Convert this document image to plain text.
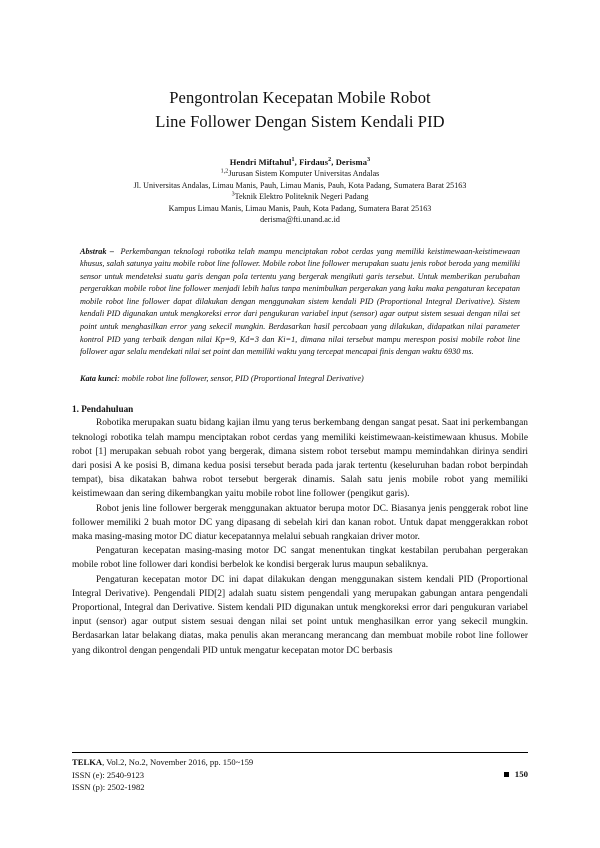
Pengontrolan Kecepatan Mobile Robot
Line Follower Dengan Sistem Kendali PID
Hendri Miftahul$^1$, Firdaus$^2$, Derisma$^3$
$^{1,2}$Jurusan Sistem Komputer Universitas Andalas
Jl. Universitas Andalas, Limau Manis, Pauh, Limau Manis, Pauh, Kota Padang, Sumatera Barat 25163
$^3$Teknik Elektro Politeknik Negeri Padang
Kampus Limau Manis, Limau Manis, Pauh, Kota Padang, Sumatera Barat 25163
derisma@fti.unand.ac.id

Abstrak – Perkembangan teknologi robotika telah mampu menciptakan robot cerdas yang memiliki keistimewaan-keistimewaan khusus, salah satunya yaitu mobile robot line follower. Mobile robot line follower merupakan suatu jenis robot beroda yang memiliki sensor untuk mendeteksi suatu garis dengan pola tertentu yang bergerak mengikuti garis tersebut. Untuk memberikan perubahan pergerakkan mobile robot line follower menjadi lebih halus tanpa menimbulkan pergerakan yang kaku maka pengaturan kecepatan mobile robot line follower dapat dilakukan dengan menggunakan sistem kendali PID (Proportional Integral Derivative). Sistem kendali PID digunakan untuk mengkoreksi error dari pengukuran variabel input (sensor) agar output sistem sesuai dengan nilai set point untuk menghasilkan error yang sekecil mungkin. Berdasarkan hasil percobaan yang dilakukan, didapatkan nilai parameter kontrol PID yang terbaik dengan nilai Kp=9, Kd=3 dan Ki=1, dimana nilai tersebut mampu merespon posisi mobile robot line follower agar selalu mendekati nilai set point dan memiliki waktu yang tercepat mencapai finis dengan waktu 6930 ms.

Kata kunci: mobile robot line follower, sensor, PID (Proportional Integral Derivative)
1. Pendahuluan

Robotika merupakan suatu bidang kajian ilmu yang terus berkembang dengan sangat pesat. Saat ini perkembangan teknologi robotika telah mampu menciptakan robot cerdas yang memiliki keistimewaan-keistimewaan khusus. Mobile robot [1] merupakan sebuah robot yang bergerak, dimana sistem robot tersebut mampu memindahkan dirinya sendiri dari posisi A ke posisi B, dimana kedua posisi tersebut berada pada jarak tertentu (keseluruhan badan robot berpindah tempat), bisa dikatakan bahwa robot tersebut bergerak dinamis. Salah satu jenis mobile robot yang memiliki keistimewaan dan sering dikembangkan yaitu mobile robot line follower (pengikut garis).

Robot jenis line follower bergerak menggunakan aktuator berupa motor DC. Biasanya jenis penggerak robot line follower memiliki 2 buah motor DC yang dipasang di sebelah kiri dan kanan robot. Untuk dapat menggerakkan robot maka masing-masing motor DC diatur kecepatannya melalui sebuah rangkaian driver motor.

Pengaturan kecepatan masing-masing motor DC sangat menentukan tingkat kestabilan perubahan pergerakan mobile robot line follower dari kondisi berbelok ke kondisi bergerak lurus maupun sebaliknya.

Pengaturan kecepatan motor DC ini dapat dilakukan dengan menggunakan sistem kendali PID (Proportional Integral Derivative). Pengendali PID[2] adalah suatu sistem pengendali yang merupakan gabungan antara pengendali Proportional, Integral dan Derivative. Sistem kendali PID digunakan untuk mengkoreksi error dari pengukuran variabel input (sensor) agar output sistem sesuai dengan nilai set point untuk menghasilkan error yang sekecil mungkin. Berdasarkan latar belakang diatas, maka penulis akan merancang merancang dan membuat mobile robot line follower yang dikontrol dengan pengendali PID untuk mengatur kecepatan motor DC berbasis

TELKA, Vol.2, No.2, November 2016, pp. 150~159
ISSN (e): 2540-9123
ISSN (p): 2502-1982
150
